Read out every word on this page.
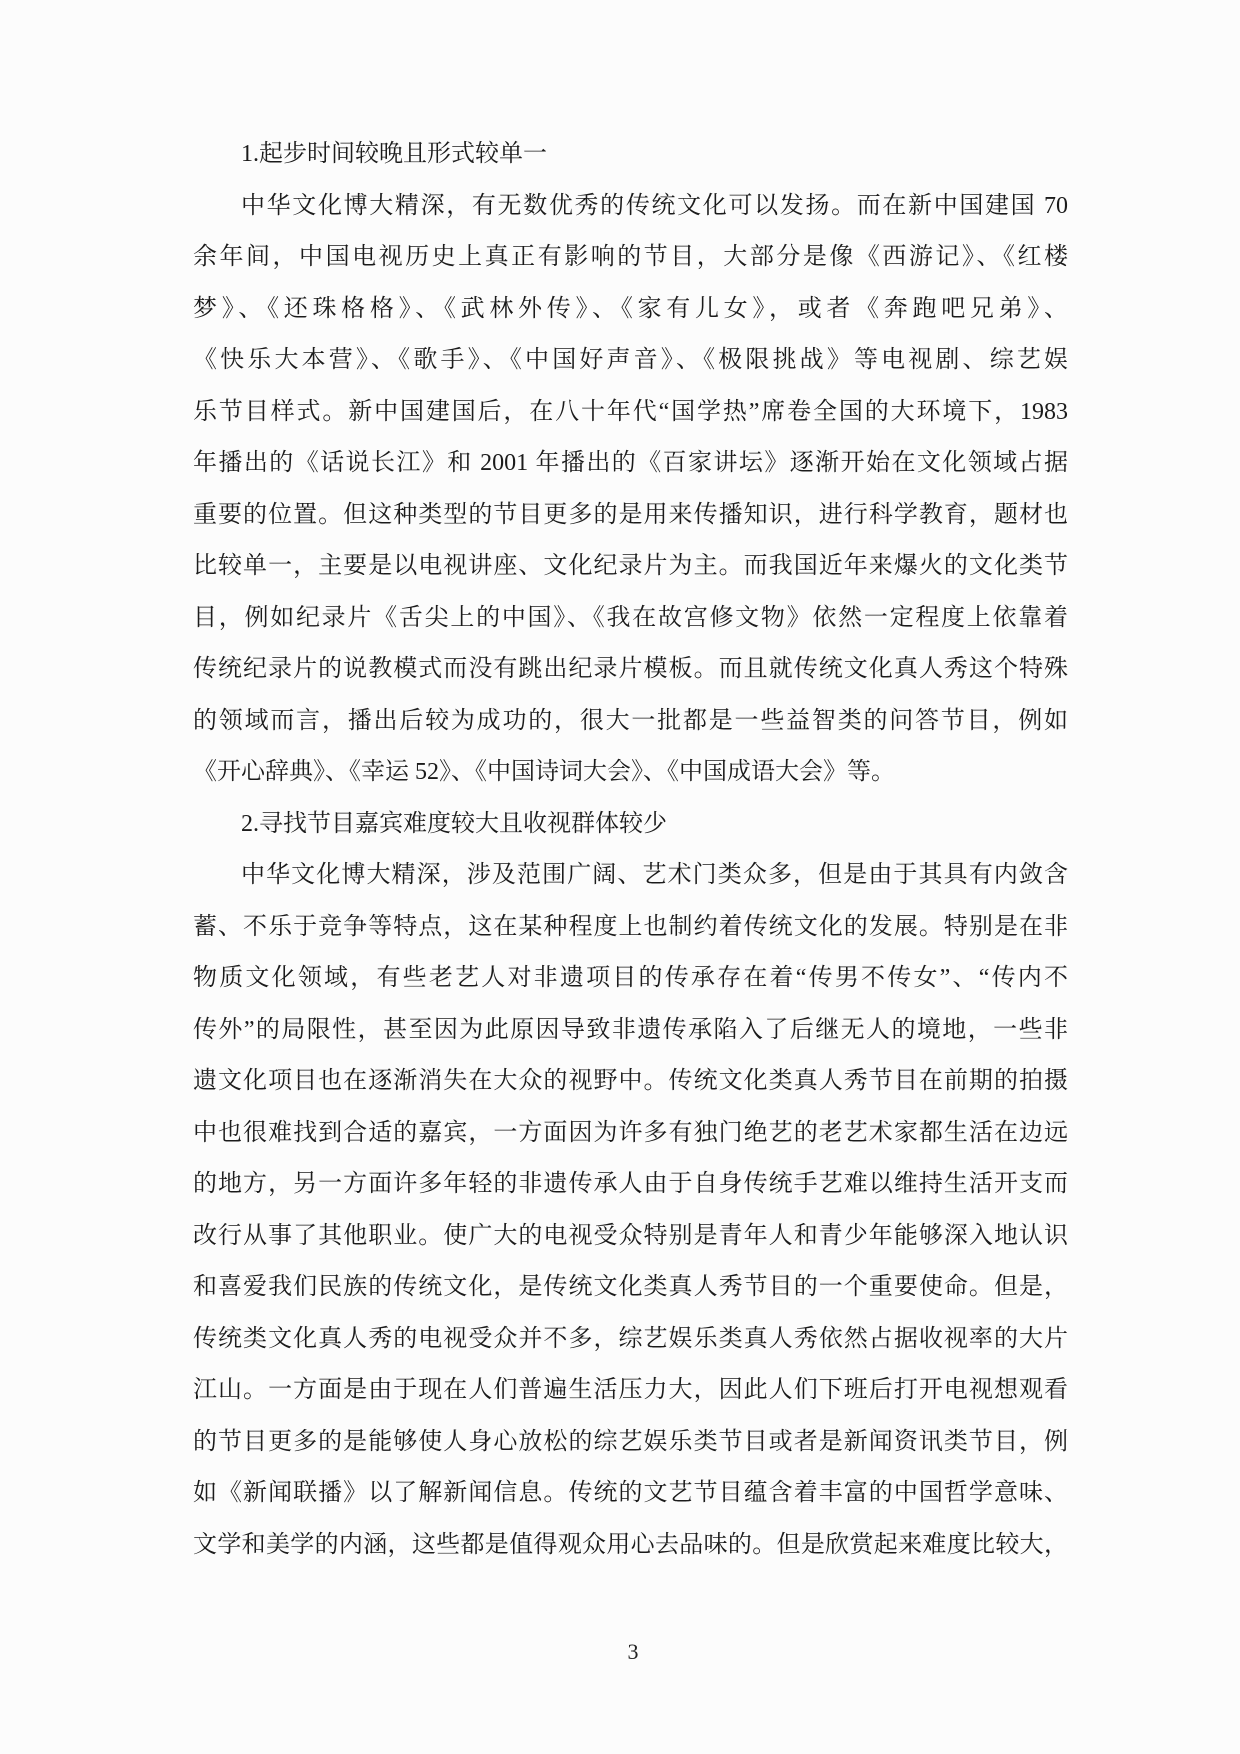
1.起步时间较晚且形式较单一
中华文化博大精深，有无数优秀的传统文化可以发扬。而在新中国建国 70
余年间，中国电视历史上真正有影响的节目，大部分是像《西游记》、《红楼
梦》、《还珠格格》、《武林外传》、《家有儿女》，或者《奔跑吧兄弟》、
《快乐大本营》、《歌手》、《中国好声音》、《极限挑战》等电视剧、综艺娱
乐节目样式。新中国建国后，在八十年代“国学热”席卷全国的大环境下，1983
年播出的《话说长江》和 2001 年播出的《百家讲坛》逐渐开始在文化领域占据
重要的位置。但这种类型的节目更多的是用来传播知识，进行科学教育，题材也
比较单一，主要是以电视讲座、文化纪录片为主。而我国近年来爆火的文化类节
目，例如纪录片《舌尖上的中国》、《我在故宫修文物》依然一定程度上依靠着
传统纪录片的说教模式而没有跳出纪录片模板。而且就传统文化真人秀这个特殊
的领域而言，播出后较为成功的，很大一批都是一些益智类的问答节目，例如
《开心辞典》、《幸运 52》、《中国诗词大会》、《中国成语大会》等。
2.寻找节目嘉宾难度较大且收视群体较少
中华文化博大精深，涉及范围广阔、艺术门类众多，但是由于其具有内敛含
蓄、不乐于竞争等特点，这在某种程度上也制约着传统文化的发展。特别是在非
物质文化领域，有些老艺人对非遗项目的传承存在着“传男不传女”、“传内不
传外”的局限性，甚至因为此原因导致非遗传承陷入了后继无人的境地，一些非
遗文化项目也在逐渐消失在大众的视野中。传统文化类真人秀节目在前期的拍摄
中也很难找到合适的嘉宾，一方面因为许多有独门绝艺的老艺术家都生活在边远
的地方，另一方面许多年轻的非遗传承人由于自身传统手艺难以维持生活开支而
改行从事了其他职业。使广大的电视受众特别是青年人和青少年能够深入地认识
和喜爱我们民族的传统文化，是传统文化类真人秀节目的一个重要使命。但是，
传统类文化真人秀的电视受众并不多，综艺娱乐类真人秀依然占据收视率的大片
江山。一方面是由于现在人们普遍生活压力大，因此人们下班后打开电视想观看
的节目更多的是能够使人身心放松的综艺娱乐类节目或者是新闻资讯类节目，例
如《新闻联播》以了解新闻信息。传统的文艺节目蕴含着丰富的中国哲学意味、
文学和美学的内涵，这些都是值得观众用心去品味的。但是欣赏起来难度比较大，
3
